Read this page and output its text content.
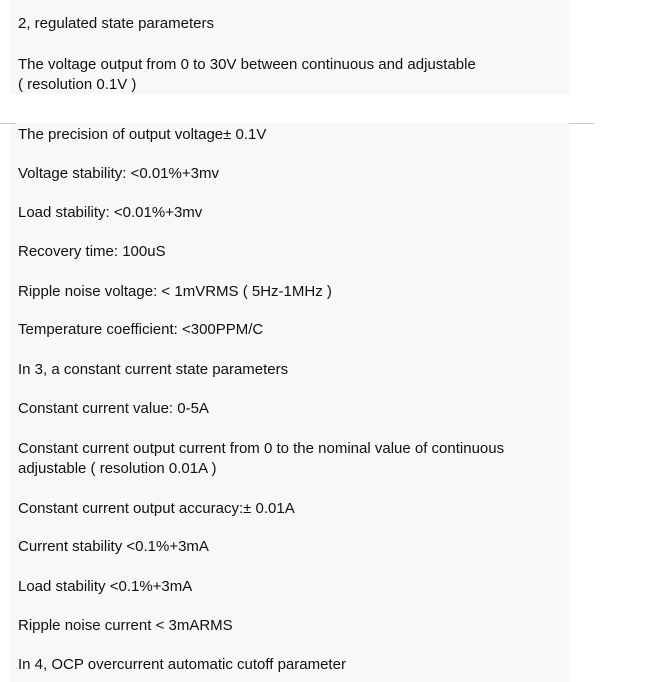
2, regulated state parameters
The voltage output from 0 to 30V between continuous and adjustable
( resolution 0.1V )
The precision of output voltage± 0.1V
Voltage stability: <0.01%+3mv
Load stability: <0.01%+3mv
Recovery time: 100uS
Ripple noise voltage: < 1mVRMS ( 5Hz-1MHz )
Temperature coefficient: <300PPM/C
In 3, a constant current state parameters
Constant current value: 0-5A
Constant current output current from 0 to the nominal value of continuous
adjustable ( resolution 0.01A )
Constant current output accuracy:± 0.01A
Current stability <0.1%+3mA
Load stability <0.1%+3mA
Ripple noise current < 3mARMS
In 4, OCP overcurrent automatic cutoff parameter
